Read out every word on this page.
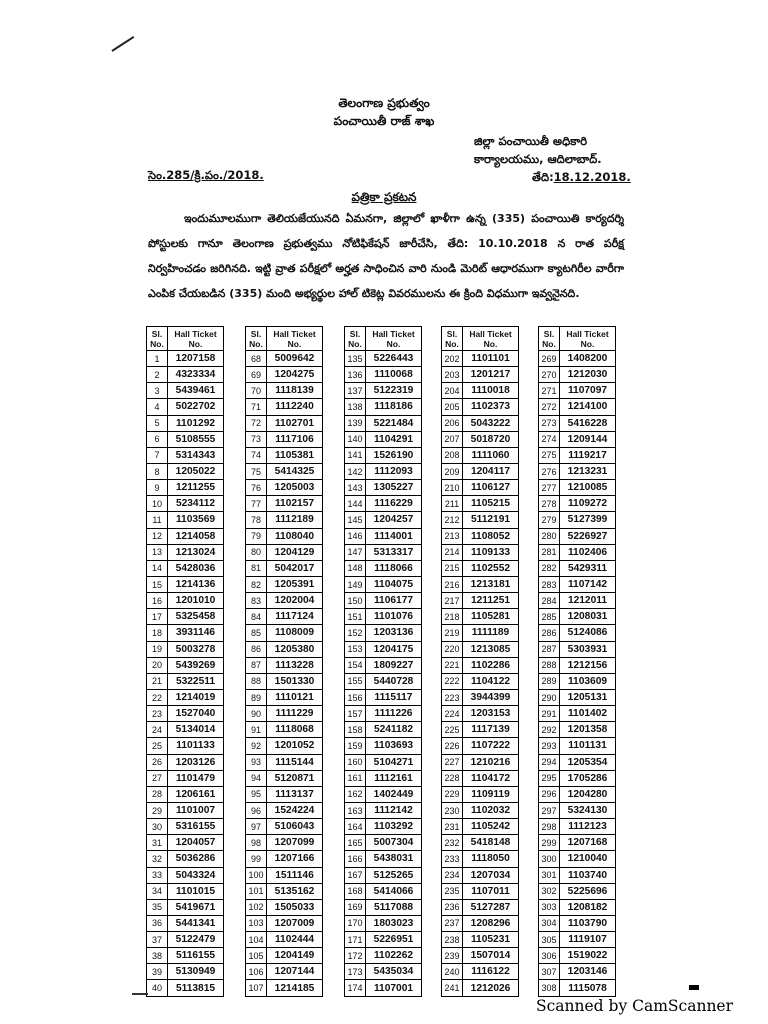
తెలంగాణ ప్రభుత్వం
పంచాయితీ రాజ్ శాఖ
జిల్లా పంచాయితీ అధికారి
కార్యాలయము, ఆదిలాబాద్.
సెం.285/క్రి.పం./2018.	తేది:18.12.2018.
పత్రికా ప్రకటన
ఇందుమూలముగా తెలియజేయునది ఏమనగా, జిల్లాలో ఖాళీగా ఉన్న (335) పంచాయితి కార్యదర్శి పోస్టులకు గానూ తెలంగాణ ప్రభుత్వము నోటిఫికేషన్ జారీచేసి, తేది: 10.10.2018 న రాత పరీక్ష నిర్వహించడం జరిగినది. ఇట్టి వ్రాత పరీక్షలో అర్హత సాధించిన వారి నుండి మెరిట్ ఆధారముగా క్యాటగిరీల వారీగా ఎంపిక చేయబడిన (335) మంది అభ్యర్థుల హాల్ టికెట్ల వివరములను ఈ క్రింది విధముగా ఇవ్వనైనది.
Sl. No.	Hall Ticket No.
1	1207158
2	4323334
3	5439461
4	5022702
5	1101292
6	5108555
7	5314343
8	1205022
9	1211255
10	5234112
11	1103569
12	1214058
13	1213024
14	5428036
15	1214136
16	1201010
17	5325458
18	3931146
19	5003278
20	5439269
21	5322511
22	1214019
23	1527040
24	5134014
25	1101133
26	1203126
27	1101479
28	1206161
29	1101007
30	5316155
31	1204057
32	5036286
33	5043324
34	1101015
35	5419671
36	5441341
37	5122479
38	5116155
39	5130949
40	5113815
Sl. No.	Hall Ticket No.
68	5009642
69	1204275
70	1118139
71	1112240
72	1102701
73	1117106
74	1105381
75	5414325
76	1205003
77	1102157
78	1112189
79	1108040
80	1204129
81	5042017
82	1205391
83	1202004
84	1117124
85	1108009
86	1205380
87	1113228
88	1501330
89	1110121
90	1111229
91	1118068
92	1201052
93	1115144
94	5120871
95	1113137
96	1524224
97	5106043
98	1207099
99	1207166
100	1511146
101	5135162
102	1505033
103	1207009
104	1102444
105	1204149
106	1207144
107	1214185
Sl. No.	Hall Ticket No.
135	5226443
136	1110068
137	5122319
138	1118186
139	5221484
140	1104291
141	1526190
142	1112093
143	1305227
144	1116229
145	1204257
146	1114001
147	5313317
148	1118066
149	1104075
150	1106177
151	1101076
152	1203136
153	1204175
154	1809227
155	5440728
156	1115117
157	1111226
158	5241182
159	1103693
160	5104271
161	1112161
162	1402449
163	1112142
164	1103292
165	5007304
166	5438031
167	5125265
168	5414066
169	5117088
170	1803023
171	5226951
172	1102262
173	5435034
174	1107001
Sl. No.	Hall Ticket No.
202	1101101
203	1201217
204	1110018
205	1102373
206	5043222
207	5018720
208	1111060
209	1204117
210	1106127
211	1105215
212	5112191
213	1108052
214	1109133
215	1102552
216	1213181
217	1211251
218	1105281
219	1111189
220	1213085
221	1102286
222	1104122
223	3944399
224	1203153
225	1117139
226	1107222
227	1210216
228	1104172
229	1109119
230	1102032
231	1105242
232	5418148
233	1118050
234	1207034
235	1107011
236	5127287
237	1208296
238	1105231
239	1507014
240	1116122
241	1212026
Sl. No.	Hall Ticket No.
269	1408200
270	1212030
271	1107097
272	1214100
273	5416228
274	1209144
275	1119217
276	1213231
277	1210085
278	1109272
279	5127399
280	5226927
281	1102406
282	5429311
283	1107142
284	1212011
285	1208031
286	5124086
287	5303931
288	1212156
289	1103609
290	1205131
291	1101402
292	1201358
293	1101131
294	1205354
295	1705286
296	1204280
297	5324130
298	1112123
299	1207168
300	1210040
301	1103740
302	5225696
303	1208182
304	1103790
305	1119107
306	1519022
307	1203146
308	1115078
Scanned by CamScanner
